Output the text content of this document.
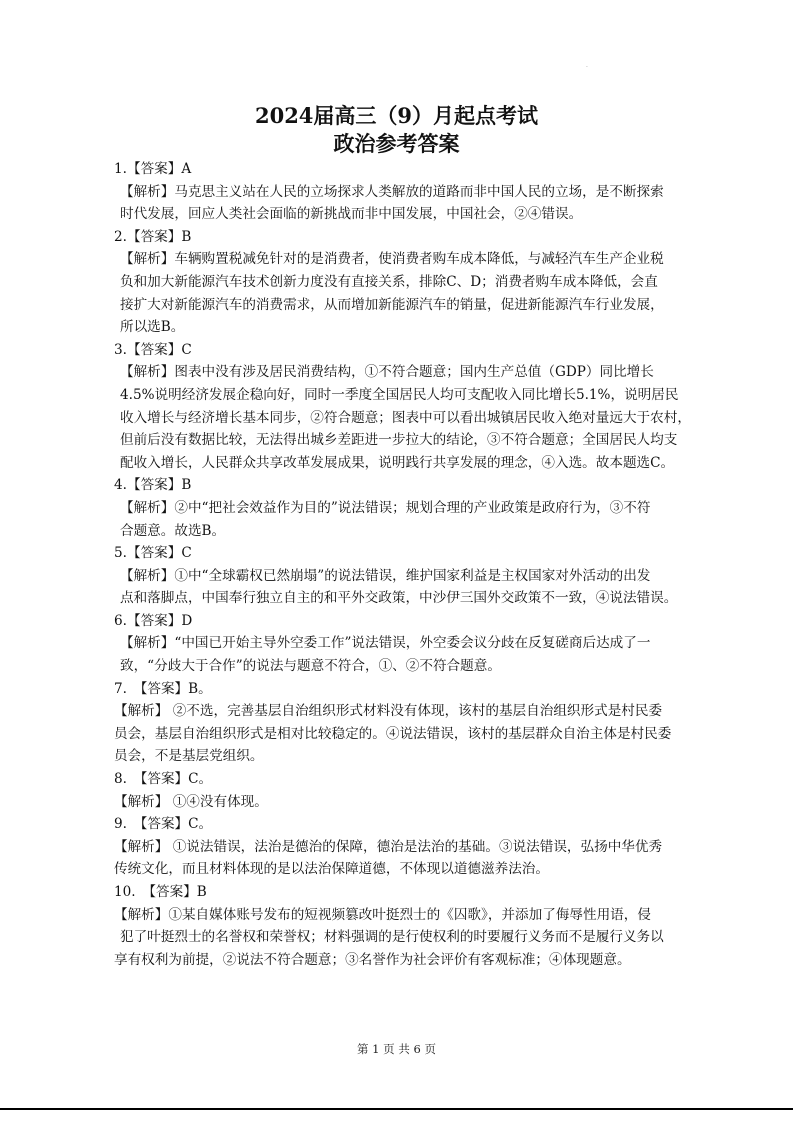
·
2024届高三（9）月起点考试
政治参考答案
1.【答案】A
【解析】马克思主义站在人民的立场探求人类解放的道路而非中国人民的立场，是不断探索
时代发展，回应人类社会面临的新挑战而非中国发展，中国社会，②④错误。
2.【答案】B
【解析】车辆购置税减免针对的是消费者，使消费者购车成本降低，与减轻汽车生产企业税
负和加大新能源汽车技术创新力度没有直接关系，排除C、D；消费者购车成本降低，会直
接扩大对新能源汽车的消费需求，从而增加新能源汽车的销量，促进新能源汽车行业发展，
所以选B。
3.【答案】C
【解析】图表中没有涉及居民消费结构，①不符合题意；国内生产总值（GDP）同比增长
4.5%说明经济发展企稳向好，同时一季度全国居民人均可支配收入同比增长5.1%，说明居民
收入增长与经济增长基本同步，②符合题意；图表中可以看出城镇居民收入绝对量远大于农村，
但前后没有数据比较，无法得出城乡差距进一步拉大的结论，③不符合题意；全国居民人均支
配收入增长，人民群众共享改革发展成果，说明践行共享发展的理念，④入选。故本题选C。
4.【答案】B
【解析】②中“把社会效益作为目的”说法错误；规划合理的产业政策是政府行为，③不符
合题意。故选B。
5.【答案】C
【解析】①中“全球霸权已然崩塌”的说法错误，维护国家利益是主权国家对外活动的出发
点和落脚点，中国奉行独立自主的和平外交政策，中沙伊三国外交政策不一致，④说法错误。
6.【答案】D
【解析】“中国已开始主导外空委工作”说法错误，外空委会议分歧在反复磋商后达成了一
致，“分歧大于合作”的说法与题意不符合，①、②不符合题意。
7.　【答案】B。
【解析】 ②不选，完善基层自治组织形式材料没有体现，该村的基层自治组织形式是村民委
员会，基层自治组织形式是相对比较稳定的。④说法错误，该村的基层群众自治主体是村民委
员会，不是基层党组织。
8.　【答案】C。
【解析】 ①④没有体现。
9.　【答案】C。
【解析】 ①说法错误，法治是德治的保障，德治是法治的基础。③说法错误，弘扬中华优秀
传统文化，而且材料体现的是以法治保障道德，不体现以道德滋养法治。
10.　【答案】B
【解析】①某自媒体账号发布的短视频篡改叶挺烈士的《囚歌》，并添加了侮辱性用语，侵
犯了叶挺烈士的名誉权和荣誉权；材料强调的是行使权利的时要履行义务而不是履行义务以
享有权利为前提，②说法不符合题意；③名誉作为社会评价有客观标准；④体现题意。
第 1 页 共 6 页
